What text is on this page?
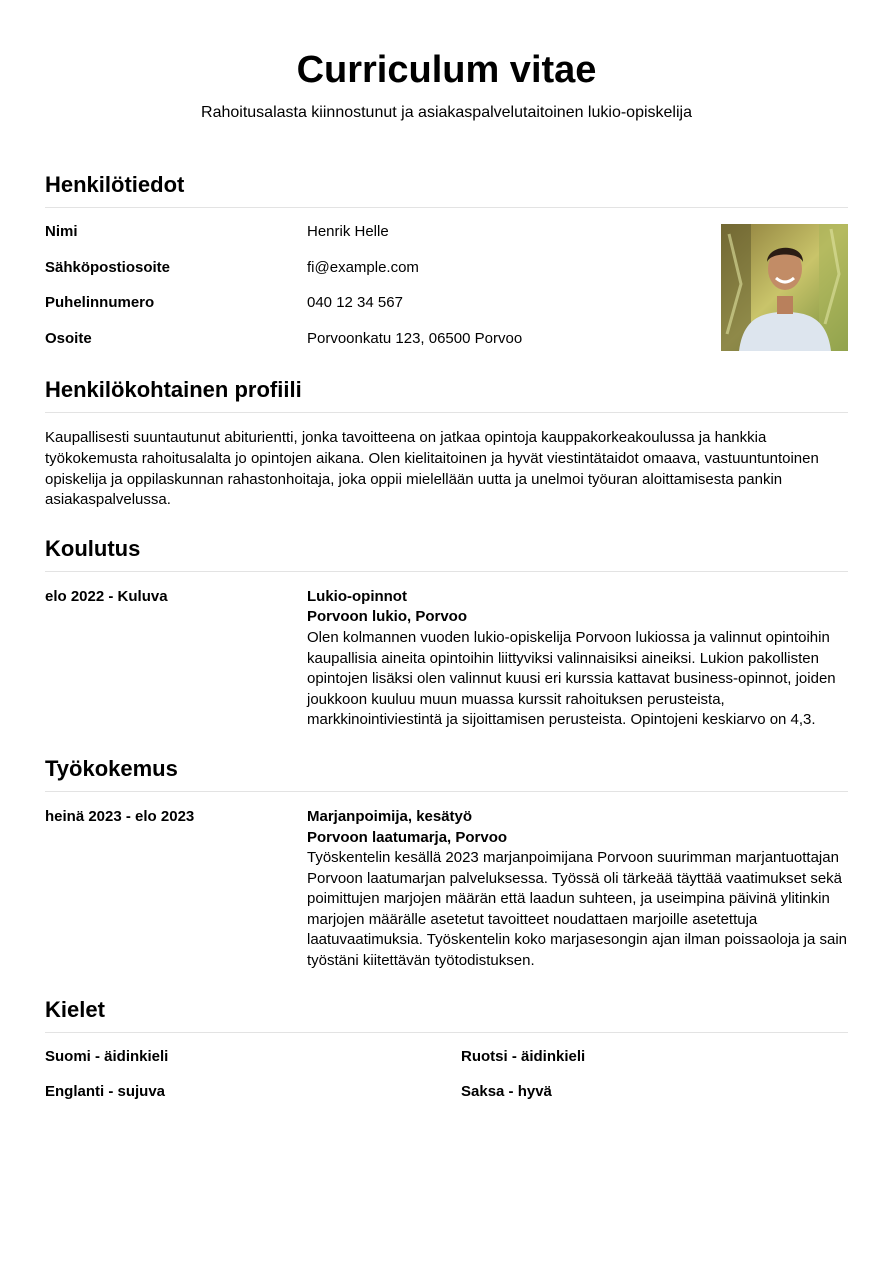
Curriculum vitae
Rahoitusalasta kiinnostunut ja asiakaspalvelutaitoinen lukio-opiskelija
Henkilötiedot
Nimi	Henrik Helle
Sähköpostiosoite	fi@example.com
Puhelinnumero	040 12 34 567
Osoite	Porvoonkatu 123, 06500 Porvoo
Henkilökohtainen profiili
Kaupallisesti suuntautunut abiturientti, jonka tavoitteena on jatkaa opintoja kauppakorkeakoulussa ja hankkia työkokemusta rahoitusalalta jo opintojen aikana. Olen kielitaitoinen ja hyvät viestintätaidot omaava, vastuuntuntoinen opiskelija ja oppilaskunnan rahastonhoitaja, joka oppii mielellään uutta ja unelmoi työuran aloittamisesta pankin asiakaspalvelussa.
Koulutus
elo 2022 - Kuluva	Lukio-opinnot
Porvoon lukio, Porvoo
Olen kolmannen vuoden lukio-opiskelija Porvoon lukiossa ja valinnut opintoihin kaupallisia aineita opintoihin liittyviksi valinnaisiksi aineiksi. Lukion pakollisten opintojen lisäksi olen valinnut kuusi eri kurssia kattavat business-opinnot, joiden joukkoon kuuluu muun muassa kurssit rahoituksen perusteista, markkinointiviestintä ja sijoittamisen perusteista. Opintojeni keskiarvo on 4,3.
Työkokemus
heinä 2023 - elo 2023	Marjanpoimija, kesätyö
Porvoon laatumarja, Porvoo
Työskentelin kesällä 2023 marjanpoimijana Porvoon suurimman marjantuottajan Porvoon laatumarjan palveluksessa. Työssä oli tärkeää täyttää vaatimukset sekä poimittujen marjojen määrän että laadun suhteen, ja useimpina päivinä ylitinkin marjojen määrälle asetetut tavoitteet noudattaen marjoille asetettuja laatuvaatimuksia. Työskentelin koko marjasesongin ajan ilman poissaoloja ja sain työstäni kiitettävän työtodistuksen.
Kielet
Suomi - äidinkieli	Ruotsi - äidinkieli
Englanti - sujuva	Saksa - hyvä
